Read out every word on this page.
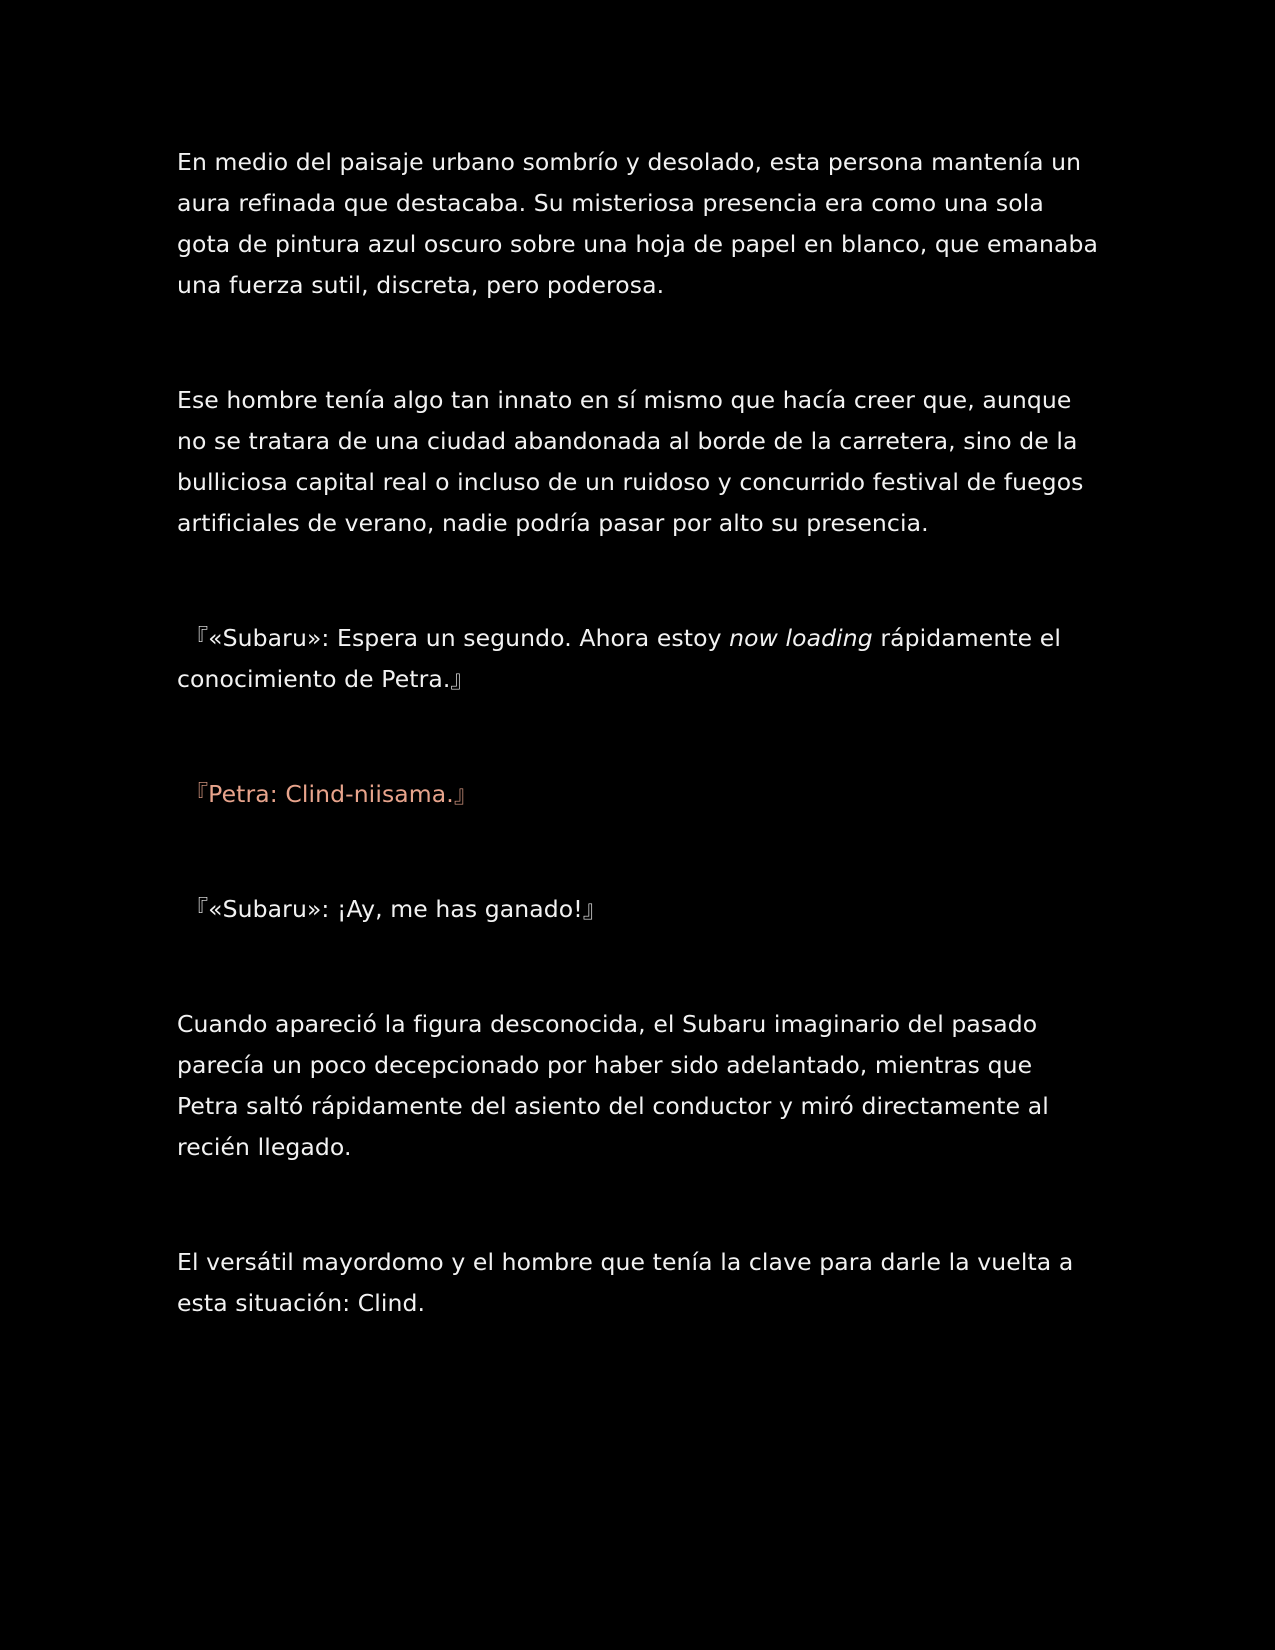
En medio del paisaje urbano sombrío y desolado, esta persona mantenía un aura refinada que destacaba. Su misteriosa presencia era como una sola gota de pintura azul oscuro sobre una hoja de papel en blanco, que emanaba una fuerza sutil, discreta, pero poderosa.

Ese hombre tenía algo tan innato en sí mismo que hacía creer que, aunque no se tratara de una ciudad abandonada al borde de la carretera, sino de la bulliciosa capital real o incluso de un ruidoso y concurrido festival de fuegos artificiales de verano, nadie podría pasar por alto su presencia.

『«Subaru»: Espera un segundo. Ahora estoy now loading rápidamente el conocimiento de Petra.』

『Petra: Clind-niisama.』

『«Subaru»: ¡Ay, me has ganado!』

Cuando apareció la figura desconocida, el Subaru imaginario del pasado parecía un poco decepcionado por haber sido adelantado, mientras que Petra saltó rápidamente del asiento del conductor y miró directamente al recién llegado.

El versátil mayordomo y el hombre que tenía la clave para darle la vuelta a esta situación: Clind.
